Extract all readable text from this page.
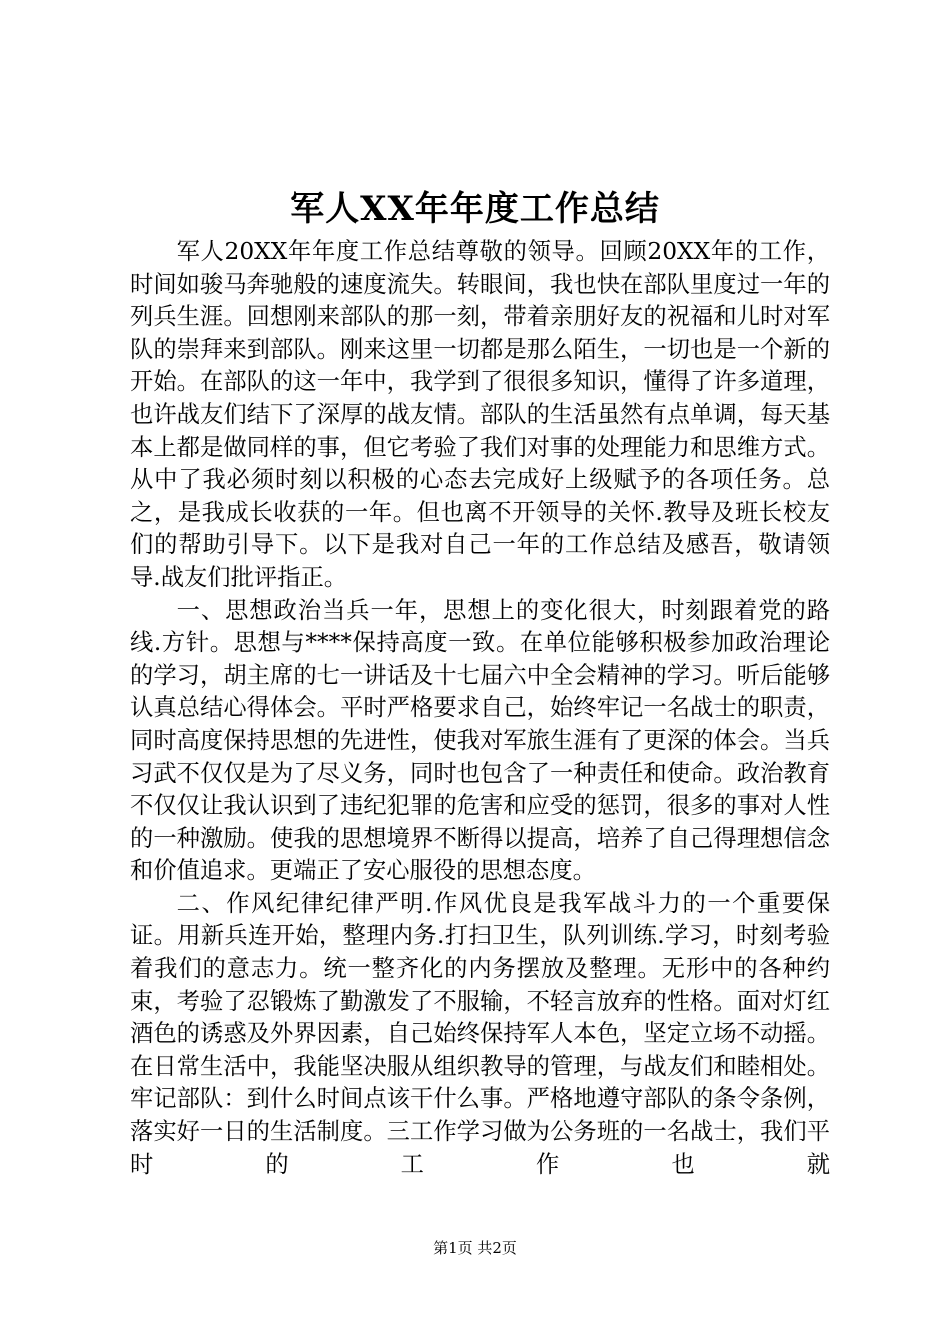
军人XX年年度工作总结

军人20XX年年度工作总结尊敬的领导。回顾20XX年的工作，时间如骏马奔驰般的速度流失。转眼间，我也快在部队里度过一年的列兵生涯。回想刚来部队的那一刻，带着亲朋好友的祝福和儿时对军队的崇拜来到部队。刚来这里一切都是那么陌生，一切也是一个新的开始。在部队的这一年中，我学到了很很多知识，懂得了许多道理，也许战友们结下了深厚的战友情。部队的生活虽然有点单调，每天基本上都是做同样的事，但它考验了我们对事的处理能力和思维方式。从中了我必须时刻以积极的心态去完成好上级赋予的各项任务。总之，是我成长收获的一年。但也离不开领导的关怀.教导及班长校友们的帮助引导下。以下是我对自己一年的工作总结及感吾，敬请领导.战友们批评指正。

一、思想政治当兵一年，思想上的变化很大，时刻跟着党的路线.方针。思想与****保持高度一致。在单位能够积极参加政治理论的学习，胡主席的七一讲话及十七届六中全会精神的学习。听后能够认真总结心得体会。平时严格要求自己，始终牢记一名战士的职责，同时高度保持思想的先进性，使我对军旅生涯有了更深的体会。当兵习武不仅仅是为了尽义务，同时也包含了一种责任和使命。政治教育不仅仅让我认识到了违纪犯罪的危害和应受的惩罚，很多的事对人性的一种激励。使我的思想境界不断得以提高，培养了自己得理想信念和价值追求。更端正了安心服役的思想态度。

二、作风纪律纪律严明.作风优良是我军战斗力的一个重要保证。用新兵连开始，整理内务.打扫卫生，队列训练.学习，时刻考验着我们的意志力。统一整齐化的内务摆放及整理。无形中的各种约束，考验了忍锻炼了勤激发了不服输，不轻言放弃的性格。面对灯红酒色的诱惑及外界因素，自己始终保持军人本色，坚定立场不动摇。在日常生活中，我能坚决服从组织教导的管理，与战友们和睦相处。牢记部队：到什么时间点该干什么事。严格地遵守部队的条令条例，落实好一日的生活制度。三工作学习做为公务班的一名战士，我们平时的工作也就

第1页 共2页
